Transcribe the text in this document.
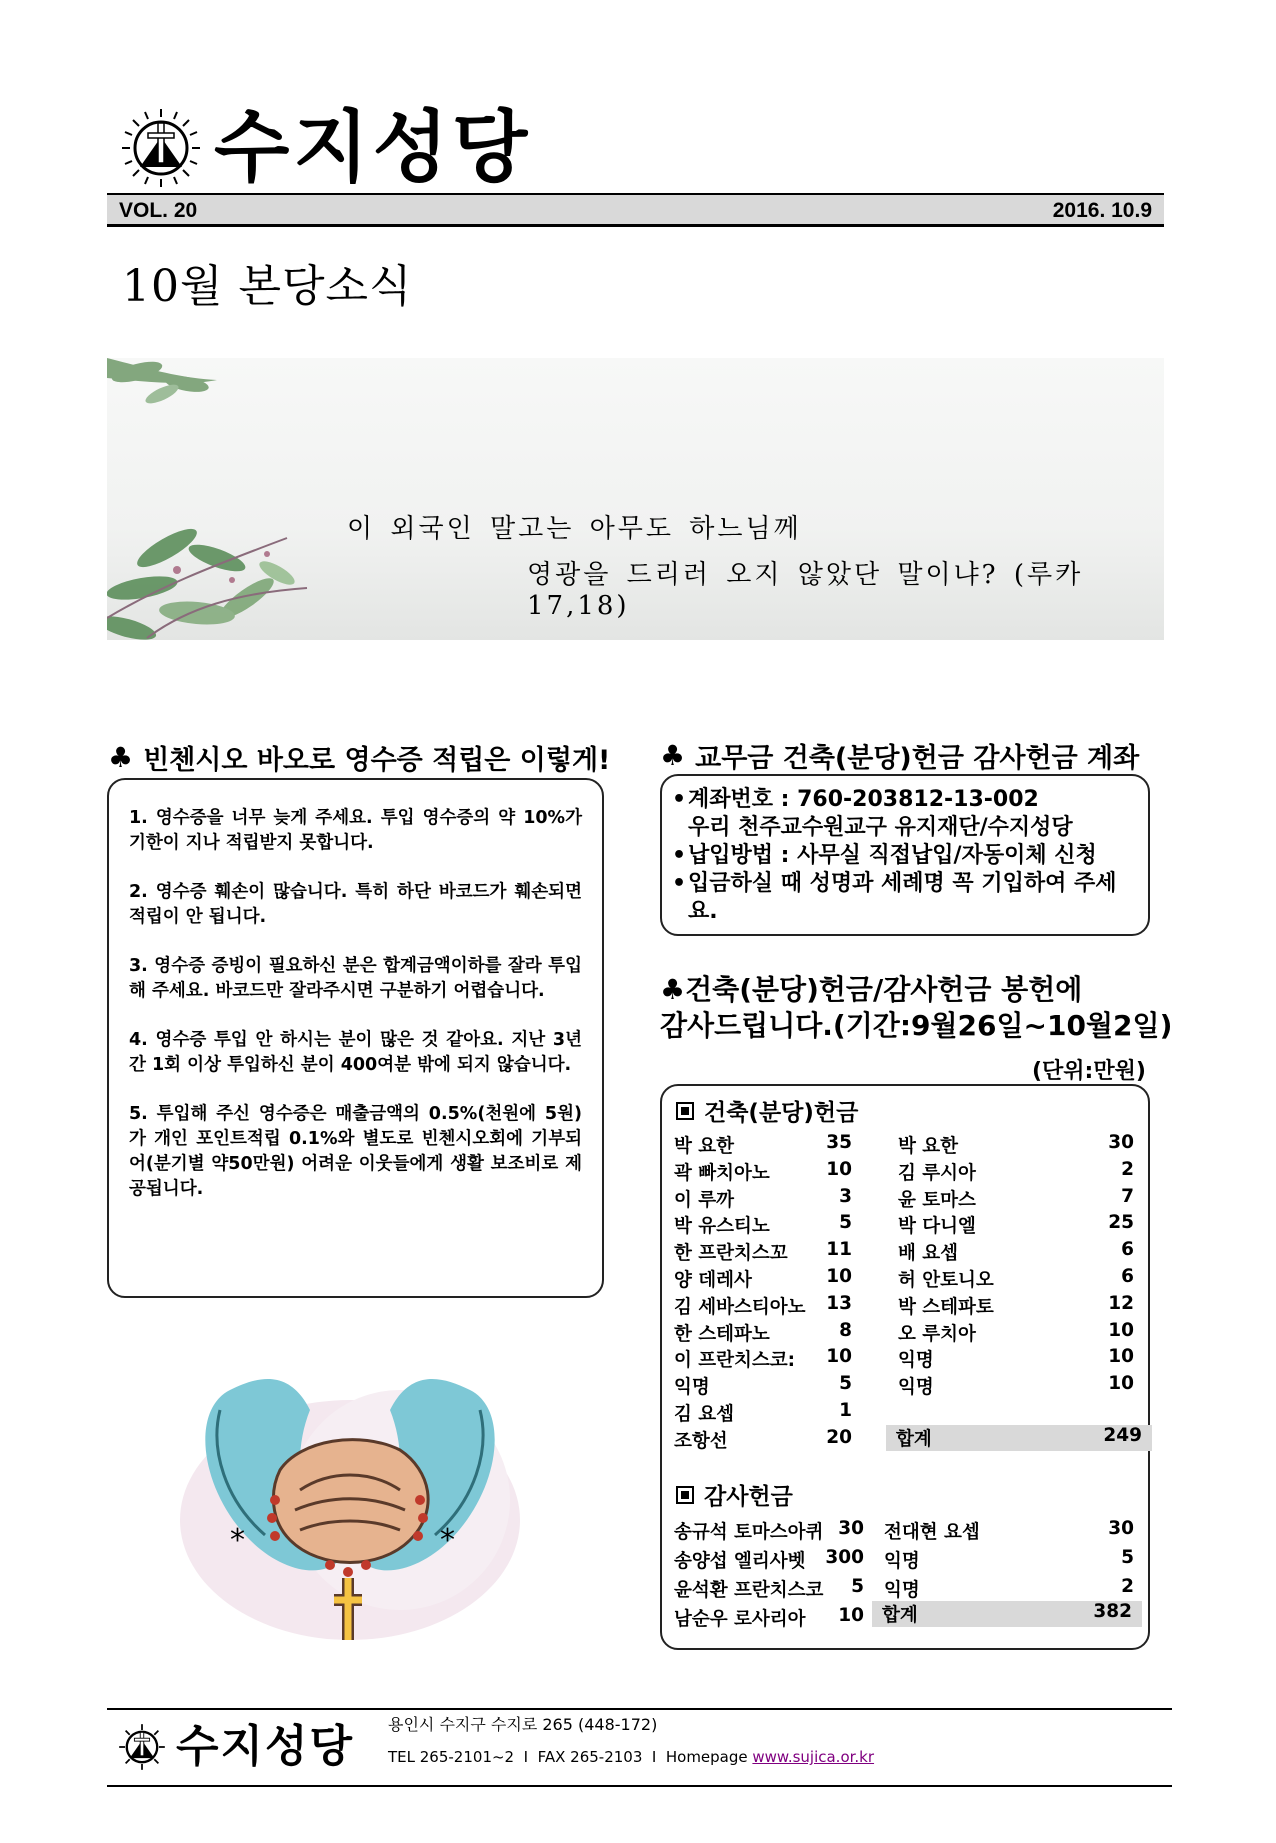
수지성당
VOL. 20	2016. 10.9
10월 본당소식
이 외국인 말고는 아무도 하느님께
영광을 드리러 오지 않았단 말이냐? (루카 17,18)
♣ 빈첸시오 바오로 영수증 적립은 이렇게!

1. 영수증을 너무 늦게 주세요. 투입 영수증의 약 10%가 기한이 지나 적립받지 못합니다.

2. 영수증 훼손이 많습니다. 특히 하단 바코드가 훼손되면 적립이 안 됩니다.

3. 영수증 증빙이 필요하신 분은 합계금액이하를 잘라 투입해 주세요. 바코드만 잘라주시면 구분하기 어렵습니다.

4. 영수증 투입 안 하시는 분이 많은 것 같아요. 지난 3년간 1회 이상 투입하신 분이 400여분 밖에 되지 않습니다.

5. 투입해 주신 영수증은 매출금액의 0.5%(천원에 5원)가 개인 포인트적립 0.1%와 별도로 빈첸시오회에 기부되어(분기별 약50만원) 어려운 이웃들에게 생활 보조비로 제공됩니다.

♣ 교무금 건축(분당)헌금 감사헌금 계좌
• 계좌번호 : 760-203812-13-002
우리 천주교수원교구 유지재단/수지성당
• 납입방법 : 사무실 직접납입/자동이체 신청
• 입금하실 때 성명과 세례명 꼭 기입하여 주세요.
♣건축(분당)헌금/감사헌금 봉헌에
감사드립니다.(기간:9월26일~10월2일)
(단위:만원)
건축(분당)헌금
감사헌금
박 요한	35
곽 빠치아노	10
이 루까	3
박 유스티노	5
한 프란치스꼬 11
양 데레사	10
김 세바스티아노 13
한 스테파노	8
이 프란치스코: 10
익명	5
김 요셉	1
조항선	20
박 요한	30
김 루시아	2
윤 토마스	7
박 다니엘	25
배 요셉	6
허 안토니오	6
박 스테파토	12
오 루치아	10
익명	10
익명	10
합계	249
송규석 토마스아퀴 30
송양섭 엘리사벳 300
윤석환 프란치스코 5
남순우 로사리아 10
전대현 요셉	30
익명	5
익명	2
합계	382
*	*
수지성당 용인시 수지구 수지로 265 (448-172)
TEL 265-2101~2  I  FAX 265-2103  I  Homepage www.sujica.or.kr
